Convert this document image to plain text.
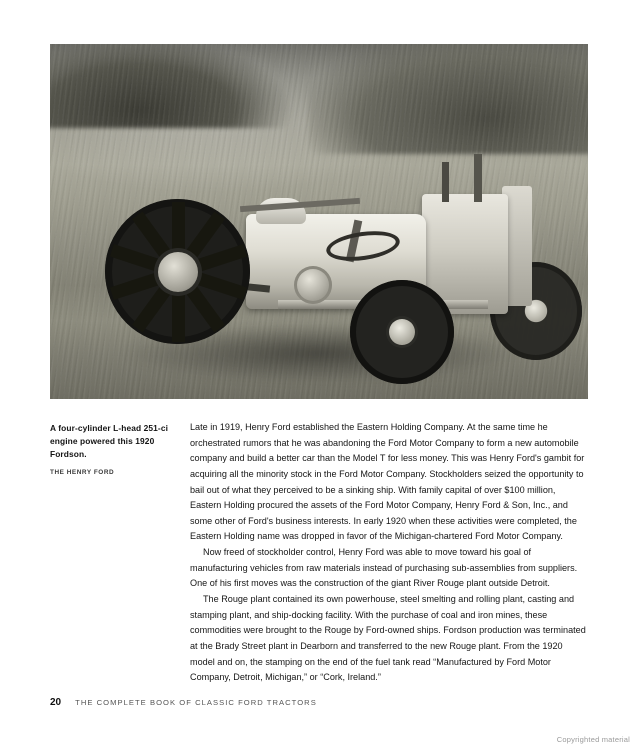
A four-cylinder L-head 251-ci engine powered this 1920 Fordson.
THE HENRY FORD

Late in 1919, Henry Ford established the Eastern Holding Company. At the same time he orchestrated rumors that he was abandoning the Ford Motor Company to form a new automobile company and build a better car than the Model T for less money. This was Henry Ford's gambit for acquiring all the minority stock in the Ford Motor Company. Stockholders seized the opportunity to bail out of what they perceived to be a sinking ship. With family capital of over $100 million, Eastern Holding procured the assets of the Ford Motor Company, Henry Ford & Son, Inc., and some other of Ford's business interests. In early 1920 when these activities were completed, the Eastern Holding name was dropped in favor of the Michigan-chartered Ford Motor Company.

Now freed of stockholder control, Henry Ford was able to move toward his goal of manufacturing vehicles from raw materials instead of purchasing sub-assemblies from suppliers. One of his first moves was the construction of the giant River Rouge plant outside Detroit.

The Rouge plant contained its own powerhouse, steel smelting and rolling plant, casting and stamping plant, and ship-docking facility. With the purchase of coal and iron mines, these commodities were brought to the Rouge by Ford-owned ships. Fordson production was terminated at the Brady Street plant in Dearborn and transferred to the new Rouge plant. From the 1920 model and on, the stamping on the end of the fuel tank read “Manufactured by Ford Motor Company, Detroit, Michigan,” or “Cork, Ireland.”

20 THE COMPLETE BOOK OF CLASSIC FORD TRACTORS
Copyrighted material
